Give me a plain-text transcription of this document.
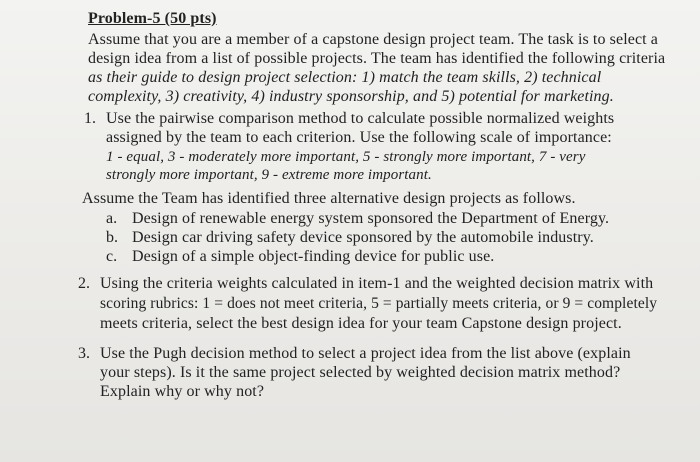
Problem-5 (50 pts)
Assume that you are a member of a capstone design project team. The task is to select a
design idea from a list of possible projects. The team has identified the following criteria
as their guide to design project selection: 1) match the team skills, 2) technical
complexity, 3) creativity, 4) industry sponsorship, and 5) potential for marketing.
1. Use the pairwise comparison method to calculate possible normalized weights
assigned by the team to each criterion. Use the following scale of importance:
1 - equal, 3 - moderately more important, 5 - strongly more important, 7 - very
strongly more important, 9 - extreme more important.
Assume the Team has identified three alternative design projects as follows.
a. Design of renewable energy system sponsored the Department of Energy.
b. Design car driving safety device sponsored by the automobile industry.
c. Design of a simple object-finding device for public use.
2. Using the criteria weights calculated in item-1 and the weighted decision matrix with
scoring rubrics: 1 = does not meet criteria, 5 = partially meets criteria, or 9 = completely
meets criteria, select the best design idea for your team Capstone design project.
3. Use the Pugh decision method to select a project idea from the list above (explain
your steps). Is it the same project selected by weighted decision matrix method?
Explain why or why not?
